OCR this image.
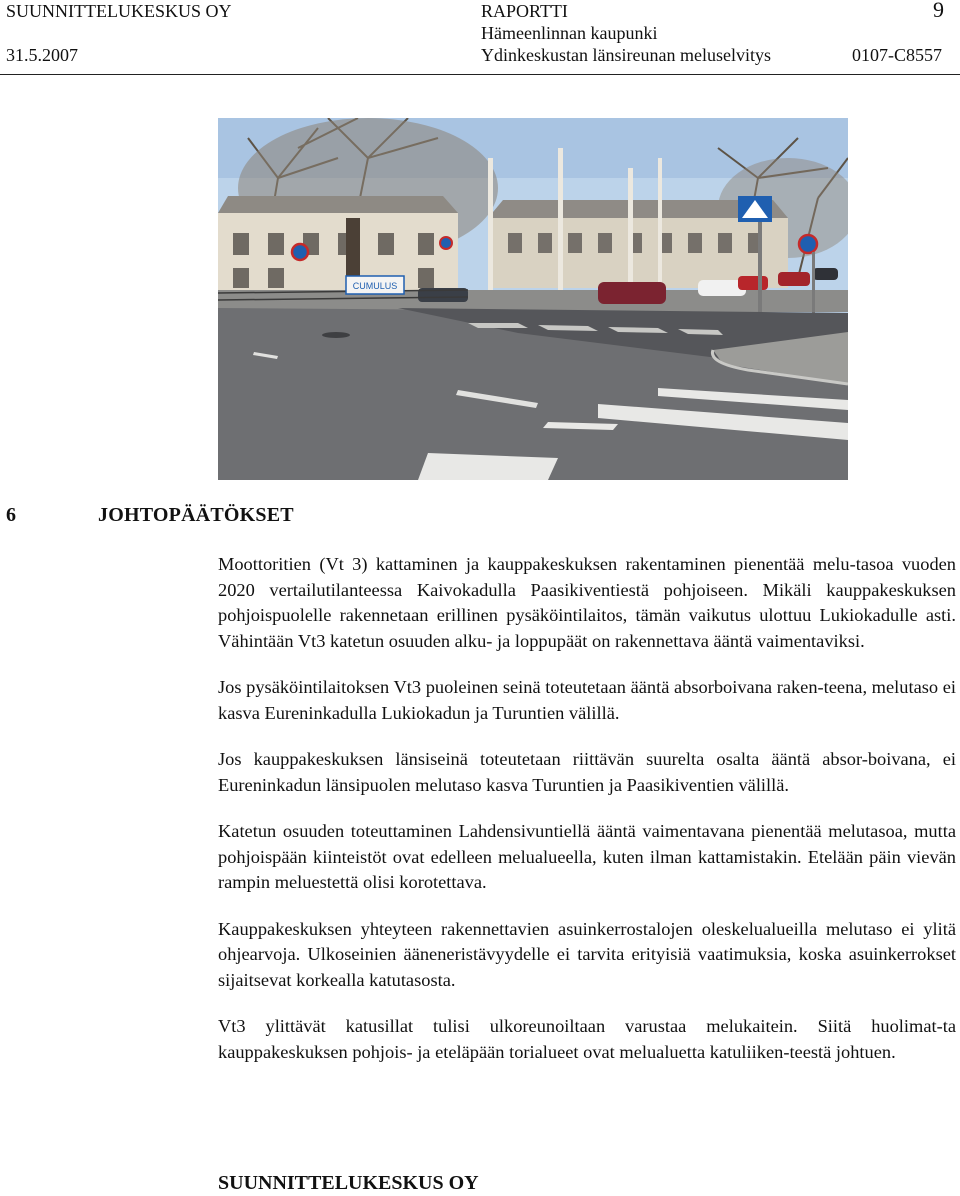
SUUNNITTELUKESKUS OY
31.5.2007
RAPORTTI
Hämeenlinnan kaupunki
Ydinkeskustan länsireunan meluselvitys
9
0107-C8557
CUMULUS
6	JOHTOPÄÄTÖKSET

Moottoritien (Vt 3) kattaminen ja kauppakeskuksen rakentaminen pienentää melu-tasoa vuoden 2020 vertailutilanteessa Kaivokadulla Paasikiventiestä pohjoiseen. Mikäli kauppakeskuksen pohjoispuolelle rakennetaan erillinen pysäköintilaitos, tämän vaikutus ulottuu Lukiokadulle asti. Vähintään Vt3 katetun osuuden alku- ja loppupäät on rakennettava ääntä vaimentaviksi.

Jos pysäköintilaitoksen Vt3 puoleinen seinä toteutetaan ääntä absorboivana raken-teena, melutaso ei kasva Eureninkadulla Lukiokadun ja Turuntien välillä.

Jos kauppakeskuksen länsiseinä toteutetaan riittävän suurelta osalta ääntä absor-boivana, ei Eureninkadun länsipuolen melutaso kasva Turuntien ja Paasikiventien välillä.

Katetun osuuden toteuttaminen Lahdensivuntiellä ääntä vaimentavana pienentää melutasoa, mutta pohjoispään kiinteistöt ovat edelleen melualueella, kuten ilman kattamistakin. Etelään päin vievän rampin meluestettä olisi korotettava.

Kauppakeskuksen yhteyteen rakennettavien asuinkerrostalojen oleskelualueilla melutaso ei ylitä ohjearvoja. Ulkoseinien ääneneristävyydelle ei tarvita erityisiä vaatimuksia, koska asuinkerrokset sijaitsevat korkealla katutasosta.

Vt3 ylittävät katusillat tulisi ulkoreunoiltaan varustaa melukaitein. Siitä huolimat-ta kauppakeskuksen pohjois- ja eteläpään torialueet ovat melualuetta katuliiken-teestä johtuen.

SUUNNITTELUKESKUS OY
